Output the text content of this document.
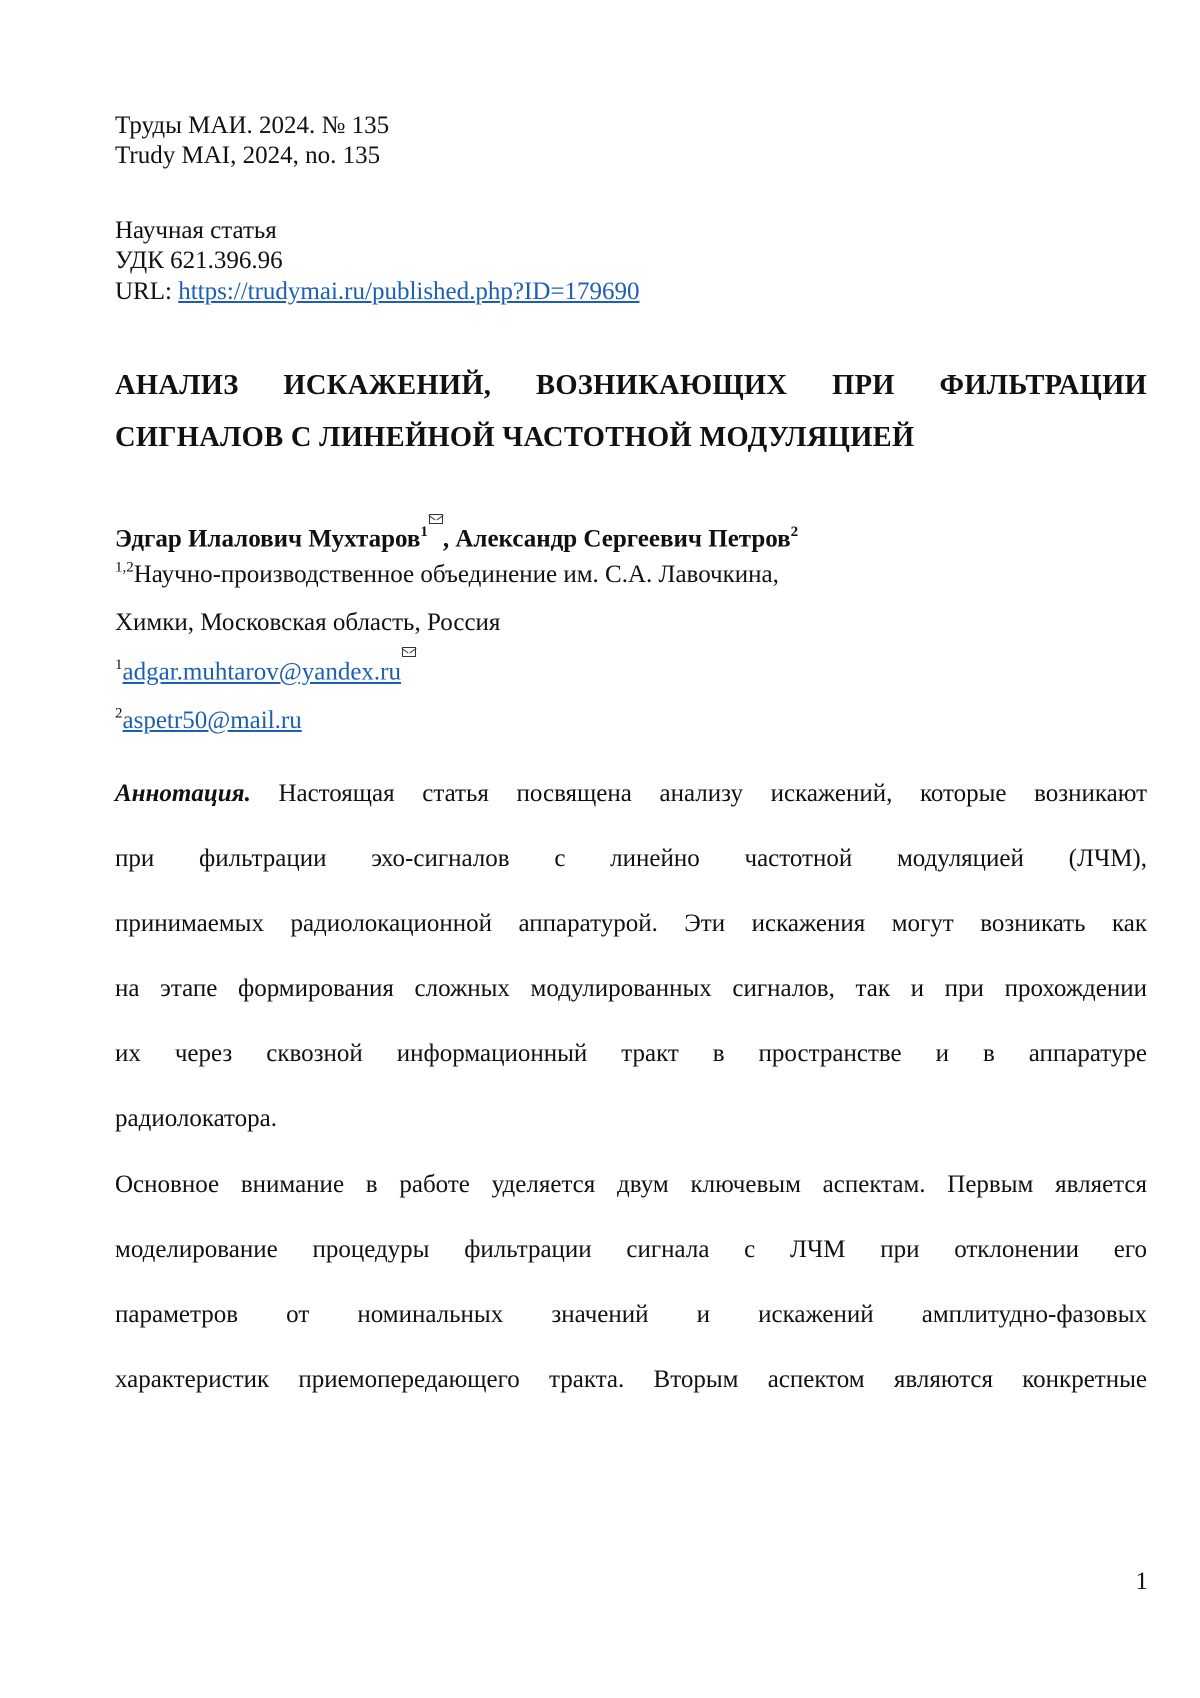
Труды МАИ. 2024. № 135
Trudy MAI, 2024, no. 135
Научная статья
УДК 621.396.96
URL: https://trudymai.ru/published.php?ID=179690
АНАЛИЗ ИСКАЖЕНИЙ, ВОЗНИКАЮЩИХ ПРИ ФИЛЬТРАЦИИ
СИГНАЛОВ С ЛИНЕЙНОЙ ЧАСТОТНОЙ МОДУЛЯЦИЕЙ
Эдгар Илалович Мухтаров$^1$ , Александр Сергеевич Петров$^2$
$^{1,2}$Научно-производственное объединение им. С.А. Лавочкина,
Химки, Московская область, Россия
$^1$adgar.muhtarov@yandex.ru
$^2$aspetr50@mail.ru
Аннотация. Настоящая статья посвящена анализу искажений, которые возникают
при фильтрации эхо-сигналов с линейно частотной модуляцией (ЛЧМ),
принимаемых радиолокационной аппаратурой. Эти искажения могут возникать как
на этапе формирования сложных модулированных сигналов, так и при прохождении
их через сквозной информационный тракт в пространстве и в аппаратуре
радиолокатора.
Основное внимание в работе уделяется двум ключевым аспектам. Первым является
моделирование процедуры фильтрации сигнала с ЛЧМ при отклонении его
параметров от номинальных значений и искажений амплитудно-фазовых
характеристик приемопередающего тракта. Вторым аспектом являются конкретные
1
